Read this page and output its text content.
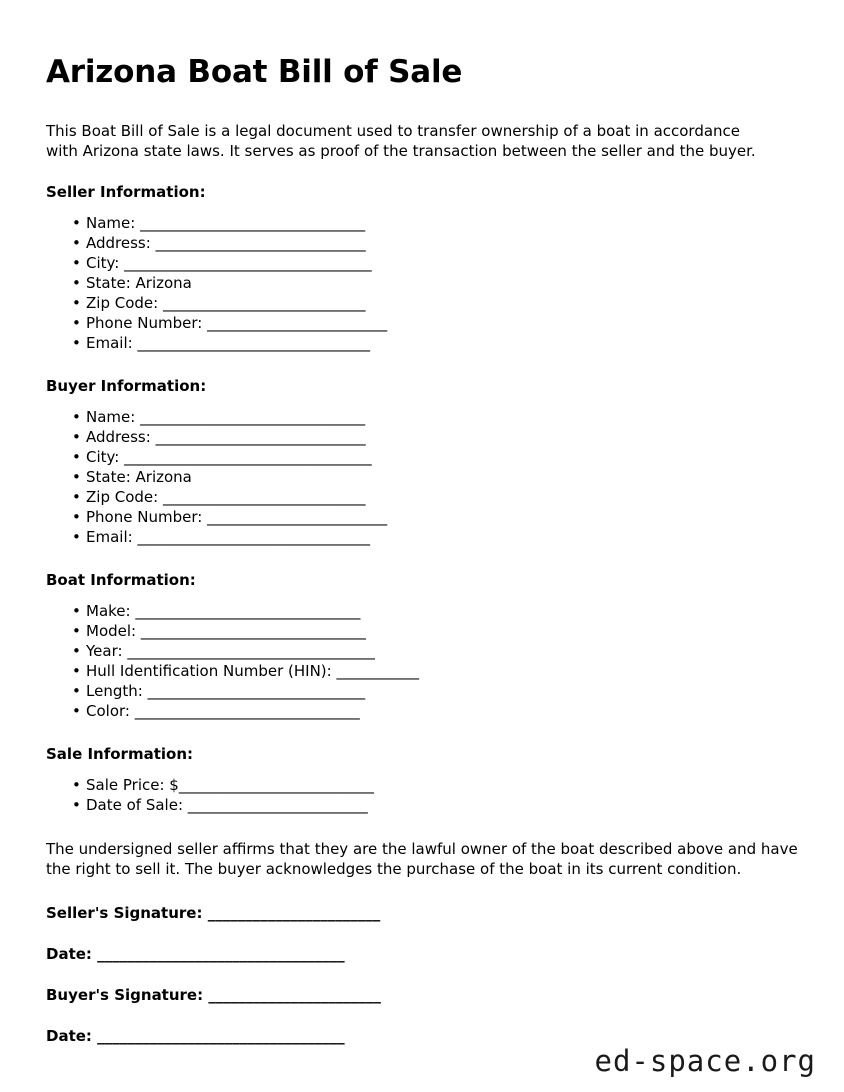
Arizona Boat Bill of Sale

This Boat Bill of Sale is a legal document used to transfer ownership of a boat in accordance with Arizona state laws. It serves as proof of the transaction between the seller and the buyer.

Seller Information:
• Name: ______________________________
• Address: ____________________________
• City: _________________________________
• State: Arizona
• Zip Code: ___________________________
• Phone Number: ________________________
• Email: _______________________________
Buyer Information:
• Name: ______________________________
• Address: ____________________________
• City: _________________________________
• State: Arizona
• Zip Code: ___________________________
• Phone Number: ________________________
• Email: _______________________________
Boat Information:
• Make: ______________________________
• Model: ______________________________
• Year: _________________________________
• Hull Identification Number (HIN): ___________
• Length: _____________________________
• Color: ______________________________
Sale Information:
• Sale Price: $__________________________
• Date of Sale: ________________________

The undersigned seller affirms that they are the lawful owner of the boat described above and have the right to sell it. The buyer acknowledges the purchase of the boat in its current condition.

Seller's Signature: _______________________
Date: _________________________________
Buyer's Signature: _______________________
Date: _________________________________
ed-space.org
